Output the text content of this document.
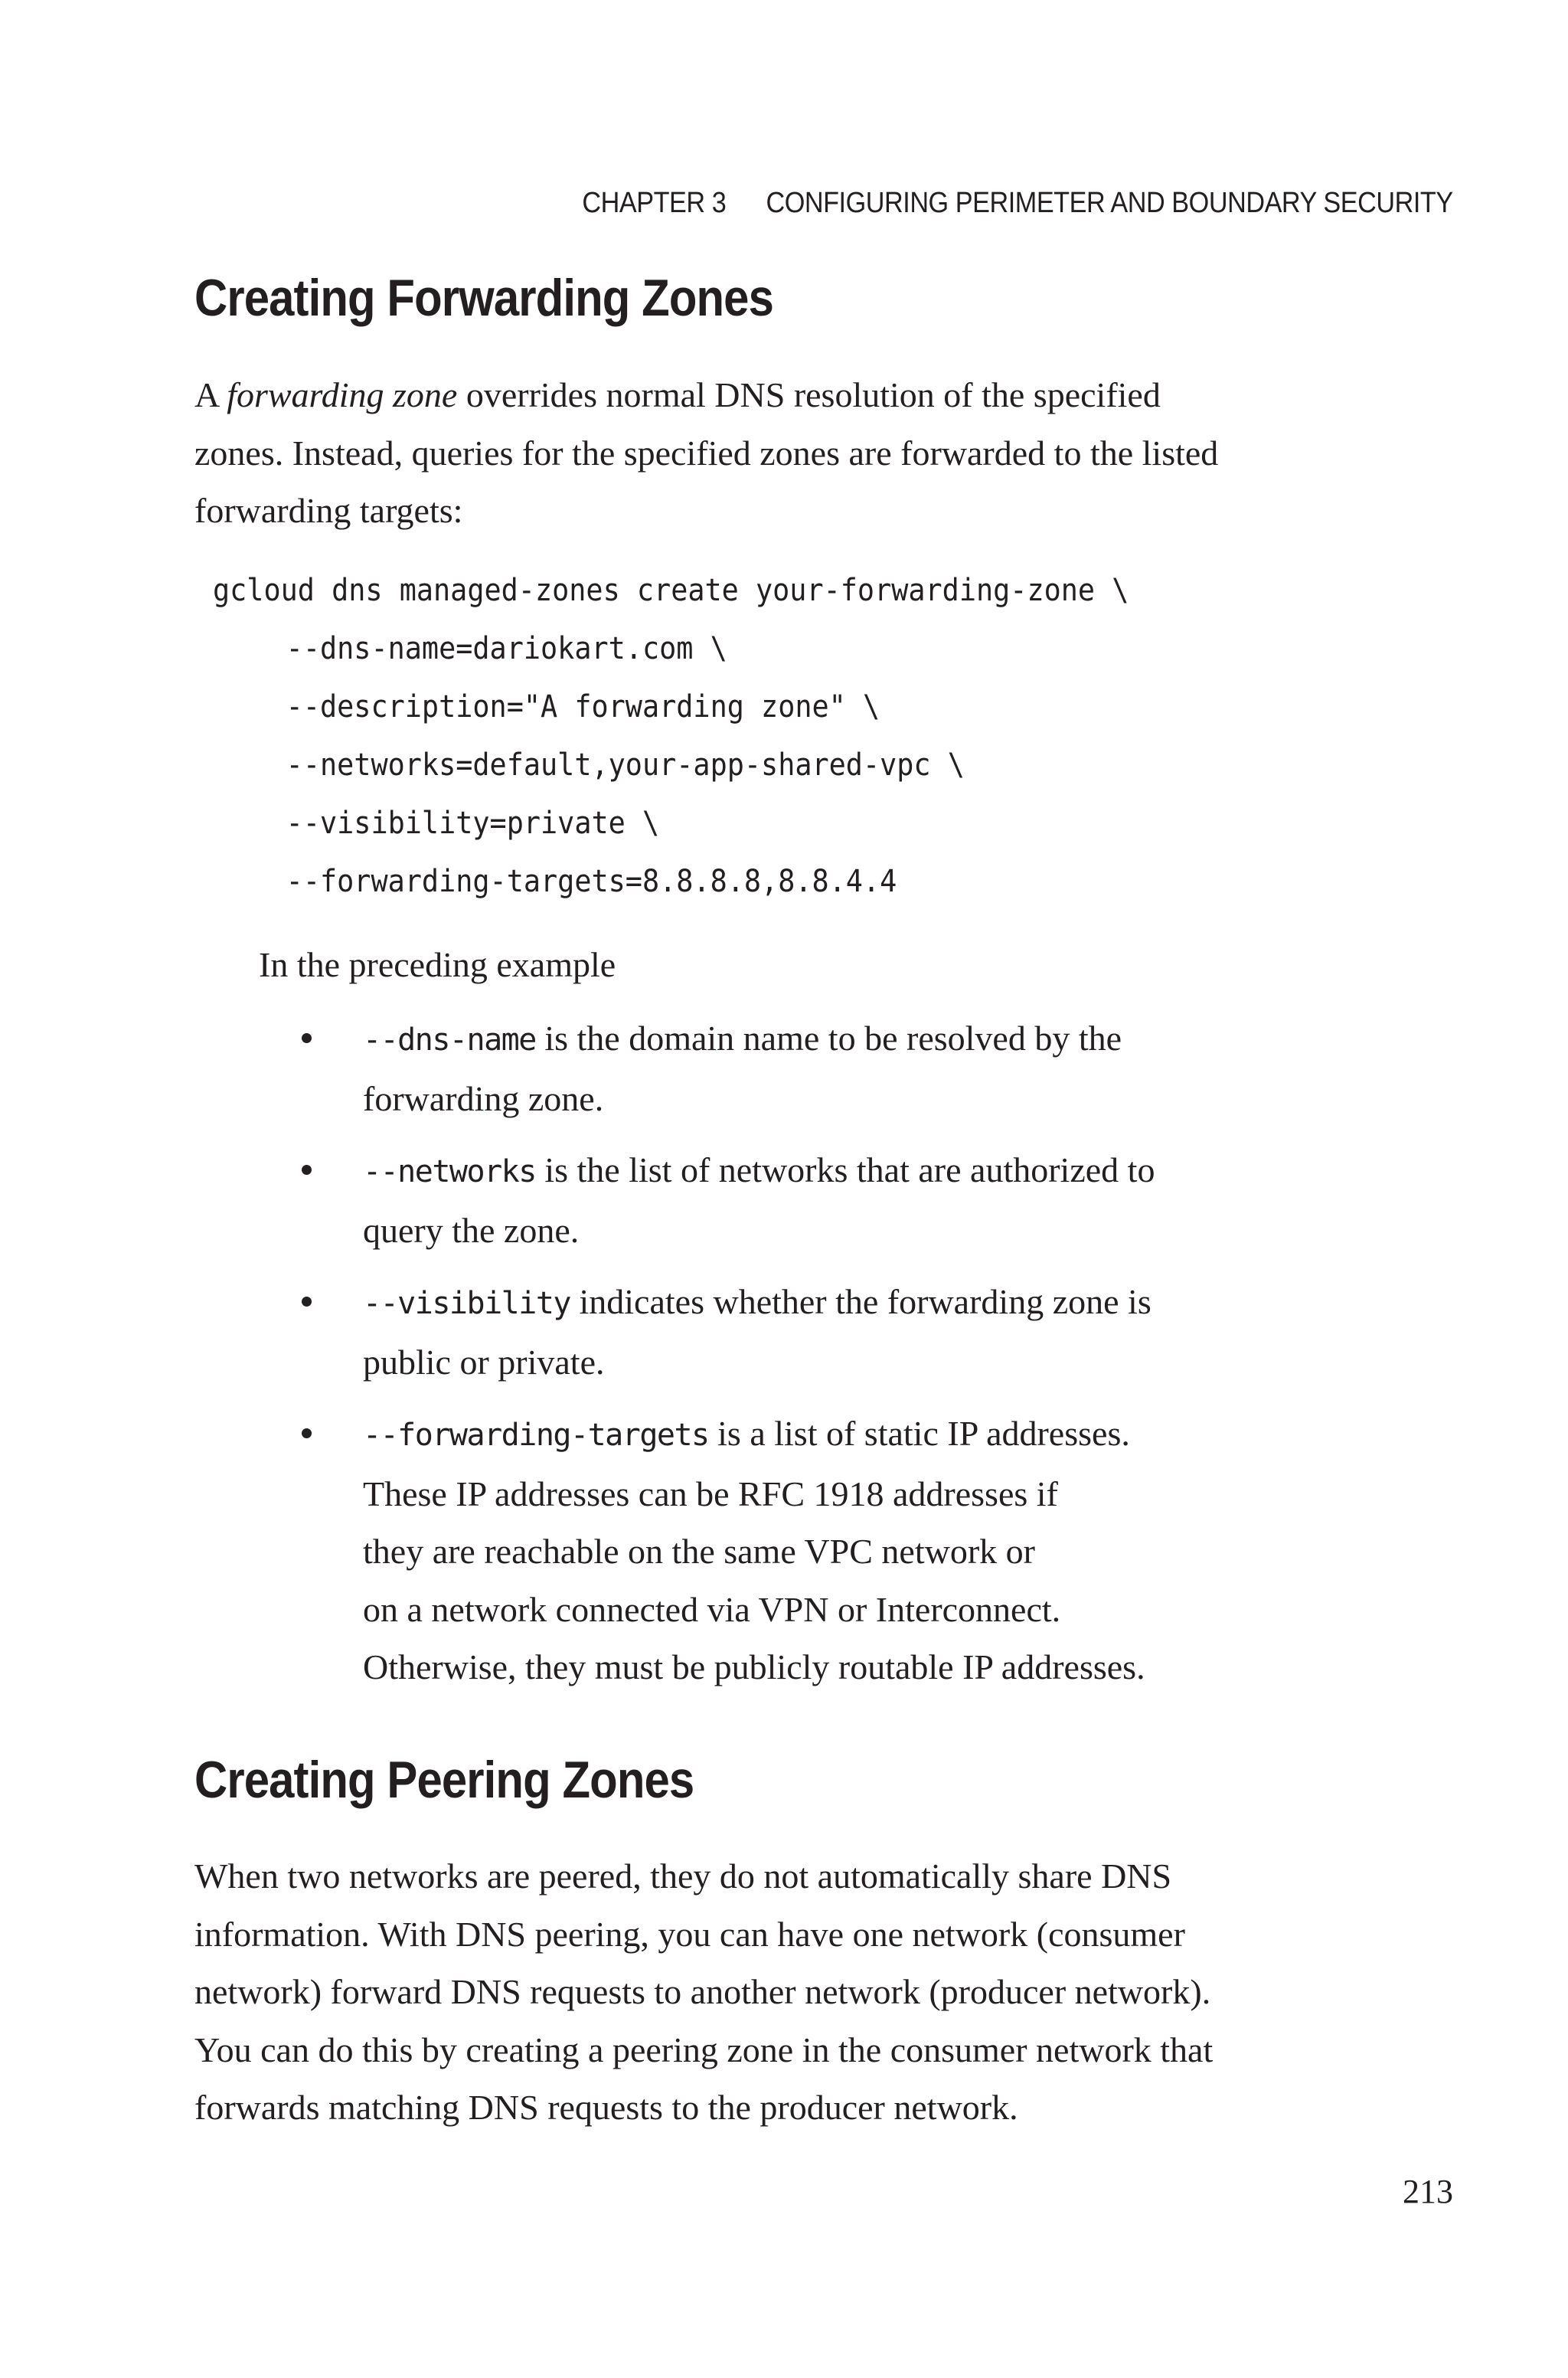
CHAPTER 3 CONFIGURING PERIMETER AND BOUNDARY SECURITY
Creating Forwarding Zones

A forwarding zone overrides normal DNS resolution of the specified
zones. Instead, queries for the specified zones are forwarded to the listed
forwarding targets:

gcloud dns managed-zones create your-forwarding-zone \
--dns-name=dariokart.com \
--description="A forwarding zone" \
--networks=default,your-app-shared-vpc \
--visibility=private \
--forwarding-targets=8.8.8.8,8.8.4.4

In the preceding example

--dns-name is the domain name to be resolved by the
forwarding zone.
--networks is the list of networks that are authorized to
query the zone.
--visibility indicates whether the forwarding zone is
public or private.
--forwarding-targets is a list of static IP addresses.
These IP addresses can be RFC 1918 addresses if
they are reachable on the same VPC network or
on a network connected via VPN or Interconnect.
Otherwise, they must be publicly routable IP addresses.
Creating Peering Zones

When two networks are peered, they do not automatically share DNS
information. With DNS peering, you can have one network (consumer
network) forward DNS requests to another network (producer network).
You can do this by creating a peering zone in the consumer network that
forwards matching DNS requests to the producer network.

213
